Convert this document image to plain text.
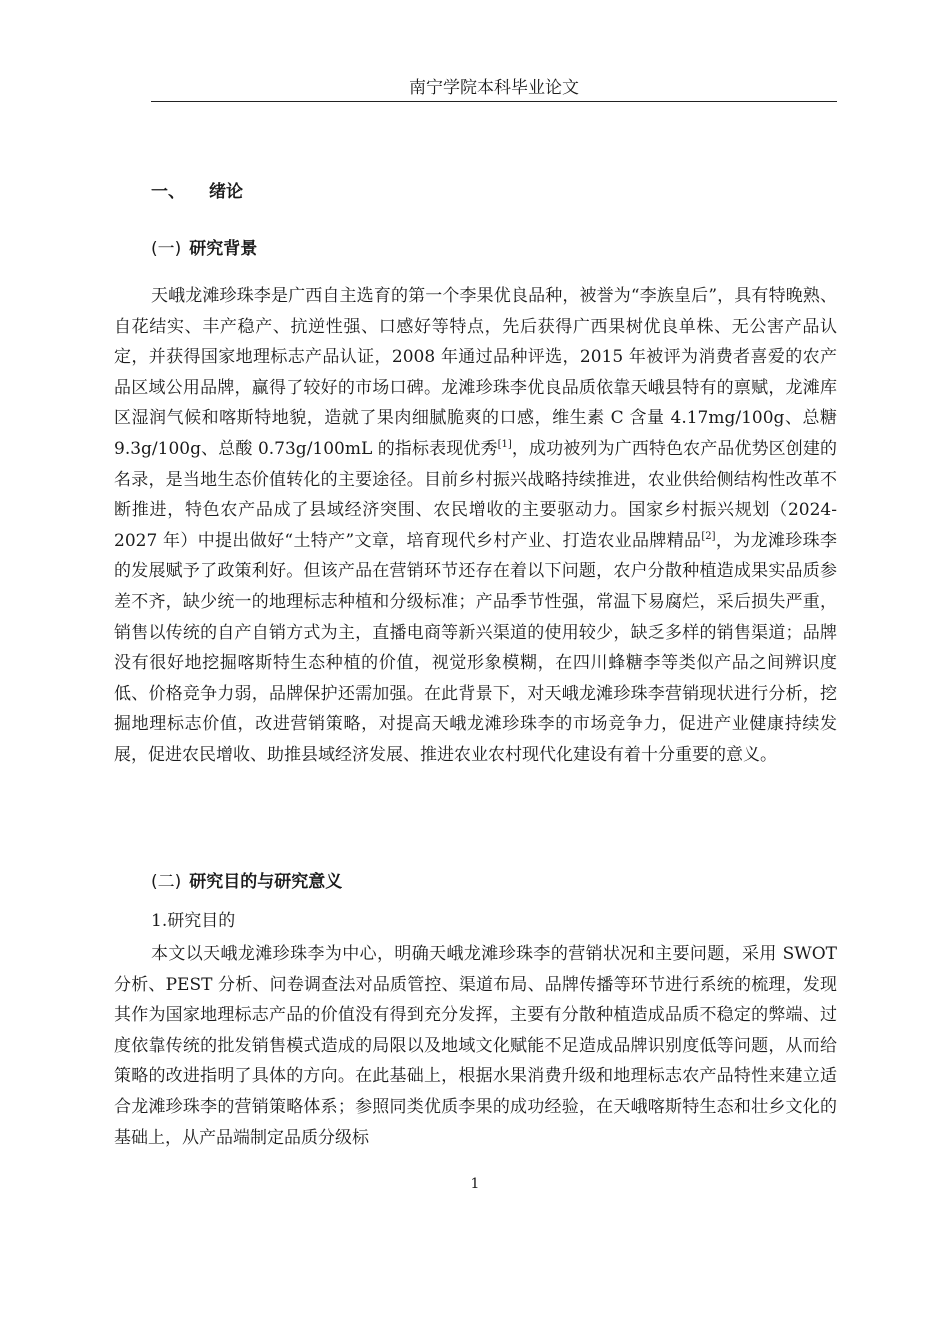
南宁学院本科毕业论文
一、 绪论
(一) 研究背景

天峨龙滩珍珠李是广西自主选育的第一个李果优良品种，被誉为“李族皇后”，具有特晚熟、自花结实、丰产稳产、抗逆性强、口感好等特点，先后获得广西果树优良单株、无公害产品认定，并获得国家地理标志产品认证，2008 年通过品种评选，2015 年被评为消费者喜爱的农产品区域公用品牌，赢得了较好的市场口碑。龙滩珍珠李优良品质依靠天峨县特有的禀赋，龙滩库区湿润气候和喀斯特地貌，造就了果肉细腻脆爽的口感，维生素 C 含量 4.17mg/100g、总糖 9.3g/100g、总酸 0.73g/100mL 的指标表现优秀[1]，成功被列为广西特色农产品优势区创建的名录，是当地生态价值转化的主要途径。目前乡村振兴战略持续推进，农业供给侧结构性改革不断推进，特色农产品成了县域经济突围、农民增收的主要驱动力。国家乡村振兴规划（2024-2027 年）中提出做好“土特产”文章，培育现代乡村产业、打造农业品牌精品[2]，为龙滩珍珠李的发展赋予了政策利好。但该产品在营销环节还存在着以下问题，农户分散种植造成果实品质参差不齐，缺少统一的地理标志种植和分级标准；产品季节性强，常温下易腐烂，采后损失严重，销售以传统的自产自销方式为主，直播电商等新兴渠道的使用较少，缺乏多样的销售渠道；品牌没有很好地挖掘喀斯特生态种植的价值，视觉形象模糊，在四川蜂糖李等类似产品之间辨识度低、价格竞争力弱，品牌保护还需加强。在此背景下，对天峨龙滩珍珠李营销现状进行分析，挖掘地理标志价值，改进营销策略，对提高天峨龙滩珍珠李的市场竞争力，促进产业健康持续发展，促进农民增收、助推县域经济发展、推进农业农村现代化建设有着十分重要的意义。

(二) 研究目的与研究意义
1.研究目的

本文以天峨龙滩珍珠李为中心，明确天峨龙滩珍珠李的营销状况和主要问题，采用 SWOT 分析、PEST 分析、问卷调查法对品质管控、渠道布局、品牌传播等环节进行系统的梳理，发现其作为国家地理标志产品的价值没有得到充分发挥，主要有分散种植造成品质不稳定的弊端、过度依靠传统的批发销售模式造成的局限以及地域文化赋能不足造成品牌识别度低等问题，从而给策略的改进指明了具体的方向。在此基础上，根据水果消费升级和地理标志农产品特性来建立适合龙滩珍珠李的营销策略体系；参照同类优质李果的成功经验，在天峨喀斯特生态和壮乡文化的基础上，从产品端制定品质分级标

1
